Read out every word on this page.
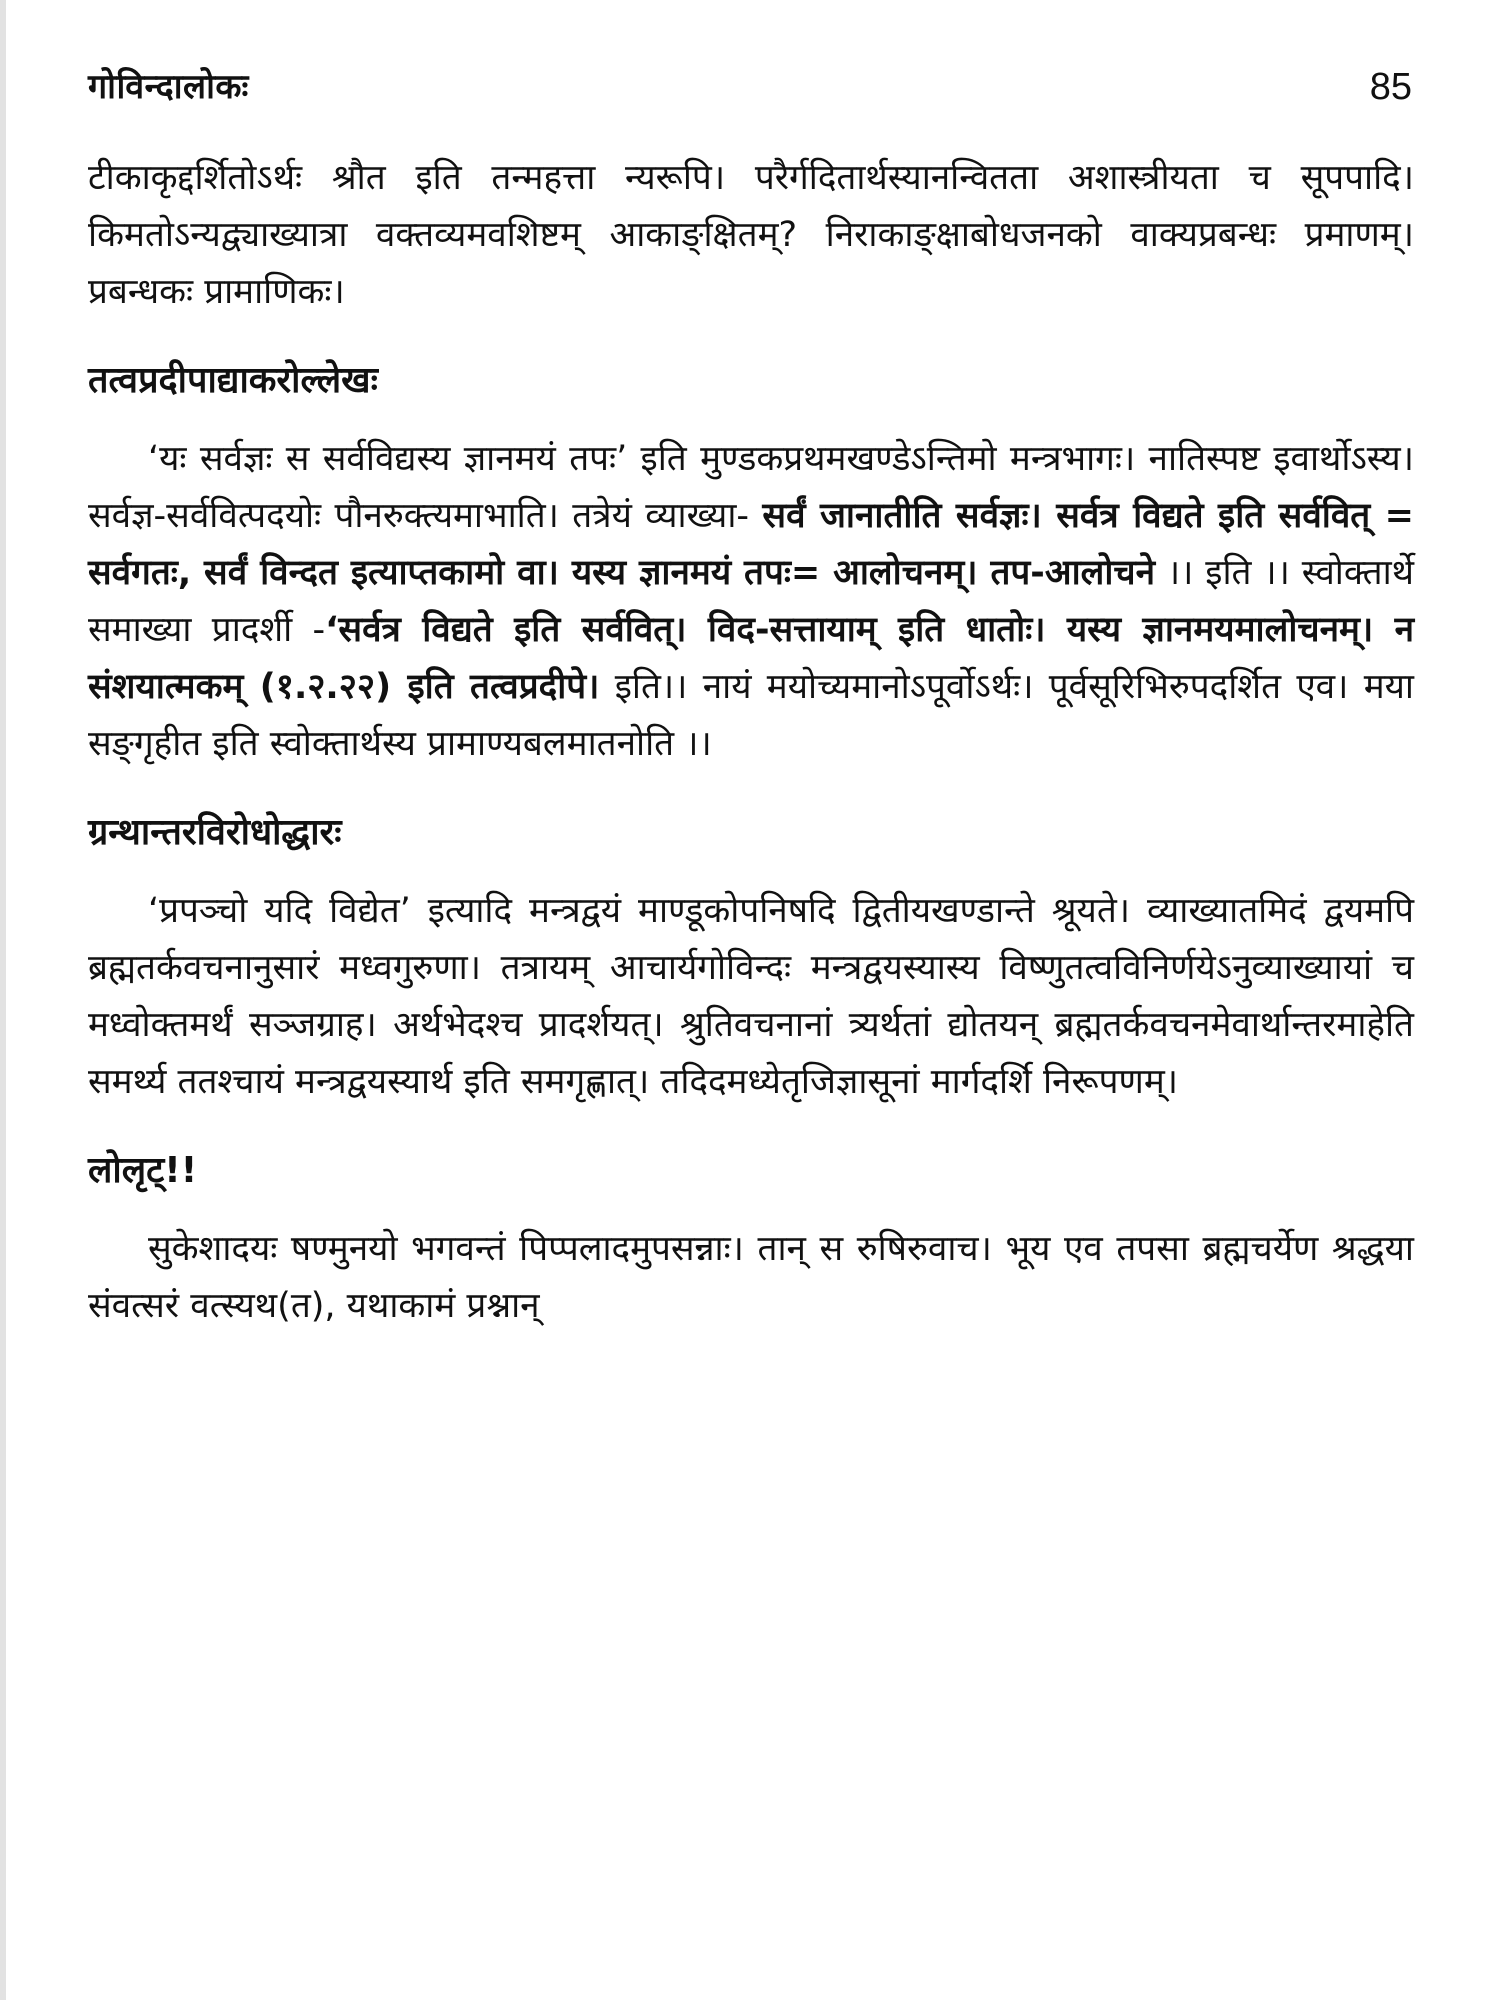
गोविन्दालोकः	85

टीकाकृद्दर्शितोऽर्थः श्रौत इति तन्महत्ता न्यरूपि। परैर्गदितार्थस्यानन्वितता अशास्त्रीयता च सूपपादि। किमतोऽन्यद्व्याख्यात्रा वक्तव्यमवशिष्टम् आकाङ्क्षितम्? निराकाङ्क्षाबोधजनको वाक्यप्रबन्धः प्रमाणम्। प्रबन्धकः प्रामाणिकः।

तत्वप्रदीपाद्याकरोल्लेखः

‘यः सर्वज्ञः स सर्वविद्यस्य ज्ञानमयं तपः’ इति मुण्डकप्रथमखण्डेऽन्तिमो मन्त्रभागः। नातिस्पष्ट इवार्थोऽस्य। सर्वज्ञ-सर्ववित्पदयोः पौनरुक्त्यमाभाति। तत्रेयं व्याख्या- सर्वं जानातीति सर्वज्ञः। सर्वत्र विद्यते इति सर्ववित् = सर्वगतः, सर्वं विन्दत इत्याप्तकामो वा। यस्य ज्ञानमयं तपः= आलोचनम्। तप-आलोचने ।। इति ।। स्वोक्तार्थे समाख्या प्रादर्शी -‘सर्वत्र विद्यते इति सर्ववित्। विद-सत्तायाम् इति धातोः। यस्य ज्ञानमयमालोचनम्। न संशयात्मकम् (१.२.२२) इति तत्वप्रदीपे। इति।। नायं मयोच्यमानोऽपूर्वोऽर्थः। पूर्वसूरिभिरुपदर्शित एव। मया सङ्गृहीत इति स्वोक्तार्थस्य प्रामाण्यबलमातनोति ।।

ग्रन्थान्तरविरोधोद्धारः

‘प्रपञ्चो यदि विद्येत’ इत्यादि मन्त्रद्वयं माण्डूकोपनिषदि द्वितीयखण्डान्ते श्रूयते। व्याख्यातमिदं द्वयमपि ब्रह्मतर्कवचनानुसारं मध्वगुरुणा। तत्रायम् आचार्यगोविन्दः मन्त्रद्वयस्यास्य विष्णुतत्वविनिर्णयेऽनुव्याख्यायां च मध्वोक्तमर्थं सञ्जग्राह। अर्थभेदश्च प्रादर्शयत्। श्रुतिवचनानां त्र्यर्थतां द्योतयन् ब्रह्मतर्कवचनमेवार्थान्तरमाहेति समर्थ्य ततश्चायं मन्त्रद्वयस्यार्थ इति समगृह्णात्। तदिदमध्येतृजिज्ञासूनां मार्गदर्शि निरूपणम्।

लोलृट्!!

सुकेशादयः षण्मुनयो भगवन्तं पिप्पलादमुपसन्नाः। तान् स रुषिरुवाच। भूय एव तपसा ब्रह्मचर्येण श्रद्धया संवत्सरं वत्स्यथ(त), यथाकामं प्रश्नान्
